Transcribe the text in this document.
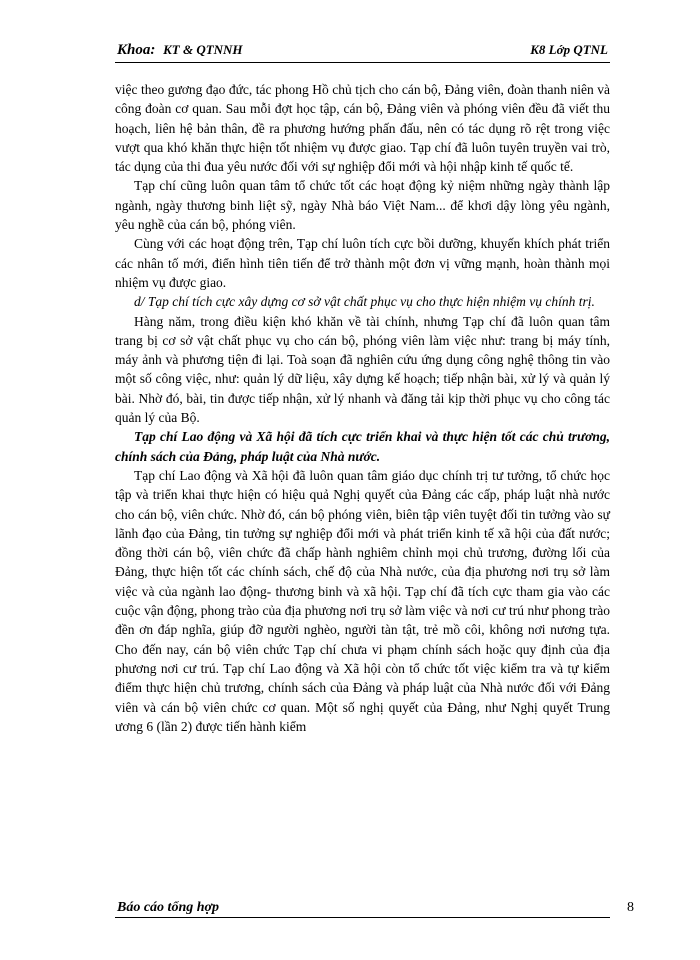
Khoa: KT & QTNNH	K8 Lớp QTNL

việc theo gương đạo đức, tác phong Hồ chủ tịch cho cán bộ, Đảng viên, đoàn thanh niên và công đoàn cơ quan. Sau mỗi đợt học tập, cán bộ, Đảng viên và phóng viên đều đã viết thu hoạch, liên hệ bản thân, đề ra phương hướng phấn đấu, nên có tác dụng rõ rệt trong việc vượt qua khó khăn thực hiện tốt nhiệm vụ được giao. Tạp chí đã luôn tuyên truyền vai trò, tác dụng của thi đua yêu nước đối với sự nghiệp đổi mới và hội nhập kinh tế quốc tế.

Tạp chí cũng luôn quan tâm tổ chức tốt các hoạt động kỷ niệm những ngày thành lập ngành, ngày thương binh liệt sỹ, ngày Nhà báo Việt Nam... để khơi dậy lòng yêu ngành, yêu nghề của cán bộ, phóng viên.

Cùng với các hoạt động trên, Tạp chí luôn tích cực bồi dưỡng, khuyến khích phát triển các nhân tố mới, điển hình tiên tiến để trở thành một đơn vị vững mạnh, hoàn thành mọi nhiệm vụ được giao.

d/ Tạp chí tích cực xây dựng cơ sở vật chất phục vụ cho thực hiện nhiệm vụ chính trị.

Hàng năm, trong điều kiện khó khăn về tài chính, nhưng Tạp chí đã luôn quan tâm trang bị cơ sở vật chất phục vụ cho cán bộ, phóng viên làm việc như: trang bị máy tính, máy ảnh và phương tiện đi lại. Toà soạn đã nghiên cứu ứng dụng công nghệ thông tin vào một số công việc, như: quản lý dữ liệu, xây dựng kế hoạch; tiếp nhận bài, xử lý và quản lý bài. Nhờ đó, bài, tin được tiếp nhận, xử lý nhanh và đăng tải kịp thời phục vụ cho công tác quản lý của Bộ.

Tạp chí Lao động và Xã hội đã tích cực triển khai và thực hiện tốt các chủ trương, chính sách của Đảng, pháp luật của Nhà nước.

Tạp chí Lao động và Xã hội đã luôn quan tâm giáo dục chính trị tư tưởng, tổ chức học tập và triển khai thực hiện có hiệu quả Nghị quyết của Đảng các cấp, pháp luật nhà nước cho cán bộ, viên chức. Nhờ đó, cán bộ phóng viên, biên tập viên tuyệt đối tin tưởng vào sự lãnh đạo của Đảng, tin tưởng sự nghiệp đổi mới và phát triển kinh tế xã hội của đất nước; đồng thời cán bộ, viên chức đã chấp hành nghiêm chỉnh mọi chủ trương, đường lối của Đảng, thực hiện tốt các chính sách, chế độ của Nhà nước, của địa phương nơi trụ sở làm việc và của ngành lao động- thương binh và xã hội. Tạp chí đã tích cực tham gia vào các cuộc vận động, phong trào của địa phương nơi trụ sở làm việc và nơi cư trú như phong trào đền ơn đáp nghĩa, giúp đỡ người nghèo, người tàn tật, trẻ mồ côi, không nơi nương tựa. Cho đến nay, cán bộ viên chức Tạp chí chưa vi phạm chính sách hoặc quy định của địa phương nơi cư trú. Tạp chí Lao động và Xã hội còn tổ chức tốt việc kiểm tra và tự kiểm điểm thực hiện chủ trương, chính sách của Đảng và pháp luật của Nhà nước đối với Đảng viên và cán bộ viên chức cơ quan. Một số nghị quyết của Đảng, như Nghị quyết Trung ương 6 (lần 2) được tiến hành kiểm

Báo cáo tổng hợp	8
